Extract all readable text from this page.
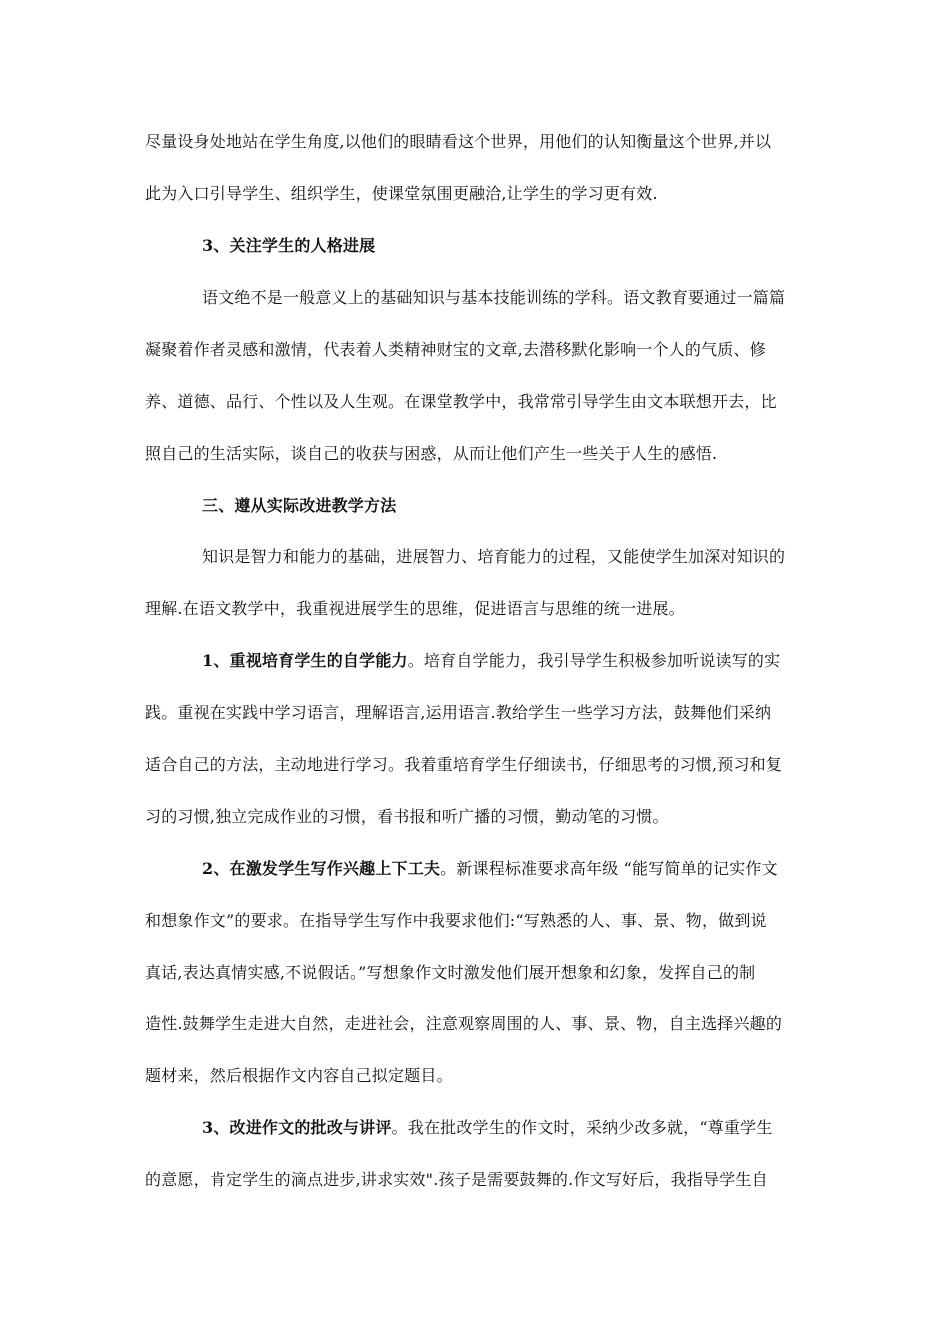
尽量设身处地站在学生角度,以他们的眼睛看这个世界，用他们的认知衡量这个世界,并以
此为入口引导学生、组织学生，使课堂氛围更融洽,让学生的学习更有效.
3、关注学生的人格进展
语文绝不是一般意义上的基础知识与基本技能训练的学科。语文教育要通过一篇篇
凝聚着作者灵感和激情，代表着人类精神财宝的文章,去潜移默化影响一个人的气质、修
养、道德、品行、个性以及人生观。在课堂教学中，我常常引导学生由文本联想开去，比
照自己的生活实际，谈自己的收获与困惑，从而让他们产生一些关于人生的感悟.
三、遵从实际改进教学方法
知识是智力和能力的基础，进展智力、培育能力的过程，又能使学生加深对知识的
理解.在语文教学中，我重视进展学生的思维，促进语言与思维的统一进展。
1、重视培育学生的自学能力。培育自学能力，我引导学生积极参加听说读写的实
践。重视在实践中学习语言，理解语言,运用语言.教给学生一些学习方法，鼓舞他们采纳
适合自己的方法，主动地进行学习。我着重培育学生仔细读书，仔细思考的习惯,预习和复
习的习惯,独立完成作业的习惯，看书报和听广播的习惯，勤动笔的习惯。
2、在激发学生写作兴趣上下工夫。新课程标准要求高年级 “能写简单的记实作文
和想象作文”的要求。在指导学生写作中我要求他们:“写熟悉的人、事、景、物，做到说
真话,表达真情实感,不说假话。”写想象作文时激发他们展开想象和幻象，发挥自己的制
造性.鼓舞学生走进大自然，走进社会，注意观察周围的人、事、景、物，自主选择兴趣的
题材来，然后根据作文内容自己拟定题目。
3、改进作文的批改与讲评。我在批改学生的作文时，采纳少改多就，“尊重学生
的意愿，肯定学生的滴点进步,讲求实效".孩子是需要鼓舞的.作文写好后，我指导学生自
